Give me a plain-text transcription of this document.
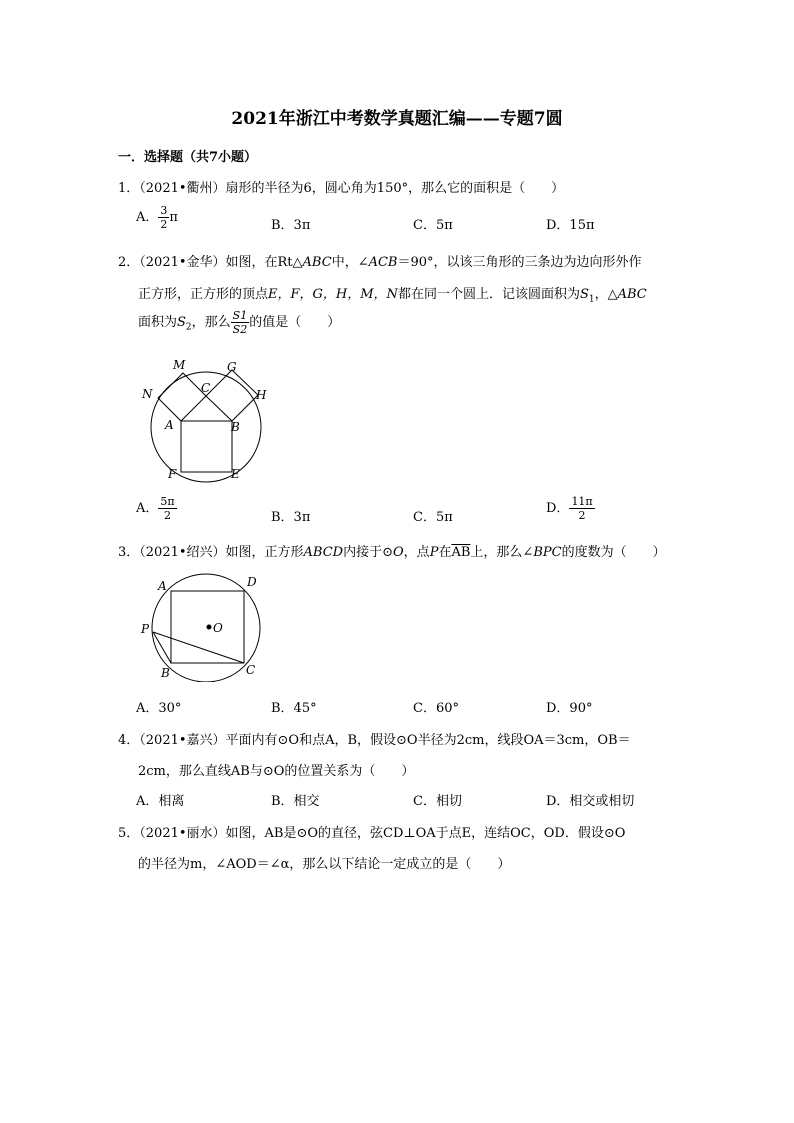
2021年浙江中考数学真题汇编——专题7圆
一．选择题（共7小题）
1．（2021•衢州）扇形的半径为6，圆心角为150°，那么它的面积是（　　）
A． $\frac{3}{2}$ π
B．3π	C．5π	D．15π
2．（2021•金华）如图，在Rt△ABC中，∠ACB＝90°，以该三角形的三条边为边向形外作
正方形，正方形的顶点E，F，G，H，M，N都在同一个圆上．记该圆面积为$S_1$，△ABC
面积为$S_2$，那么 $\frac{S1}{S2}$ 的值是（　　）
M	G
C
N	H
A	B
F	E
A． $\frac{5\pi}{2}$	B．3π	C．5π
D． $\frac{11\pi}{2}$
3．（2021•绍兴）如图，正方形ABCD内接于⊙O，点P在$\overline{AB}$上，那么∠BPC的度数为（　　）
A	D
P	O
B	C
A．30°	B．45°	C．60°	D．90°
4．（2021•嘉兴）平面内有⊙O和点A，B，假设⊙O半径为2cm，线段OA＝3cm，OB＝
2cm，那么直线AB与⊙O的位置关系为（　　）
A．相离	B．相交	C．相切	D．相交或相切
5．（2021•丽水）如图，AB是⊙O的直径，弦CD⊥OA于点E，连结OC，OD．假设⊙O
的半径为m，∠AOD＝∠α，那么以下结论一定成立的是（　　）
